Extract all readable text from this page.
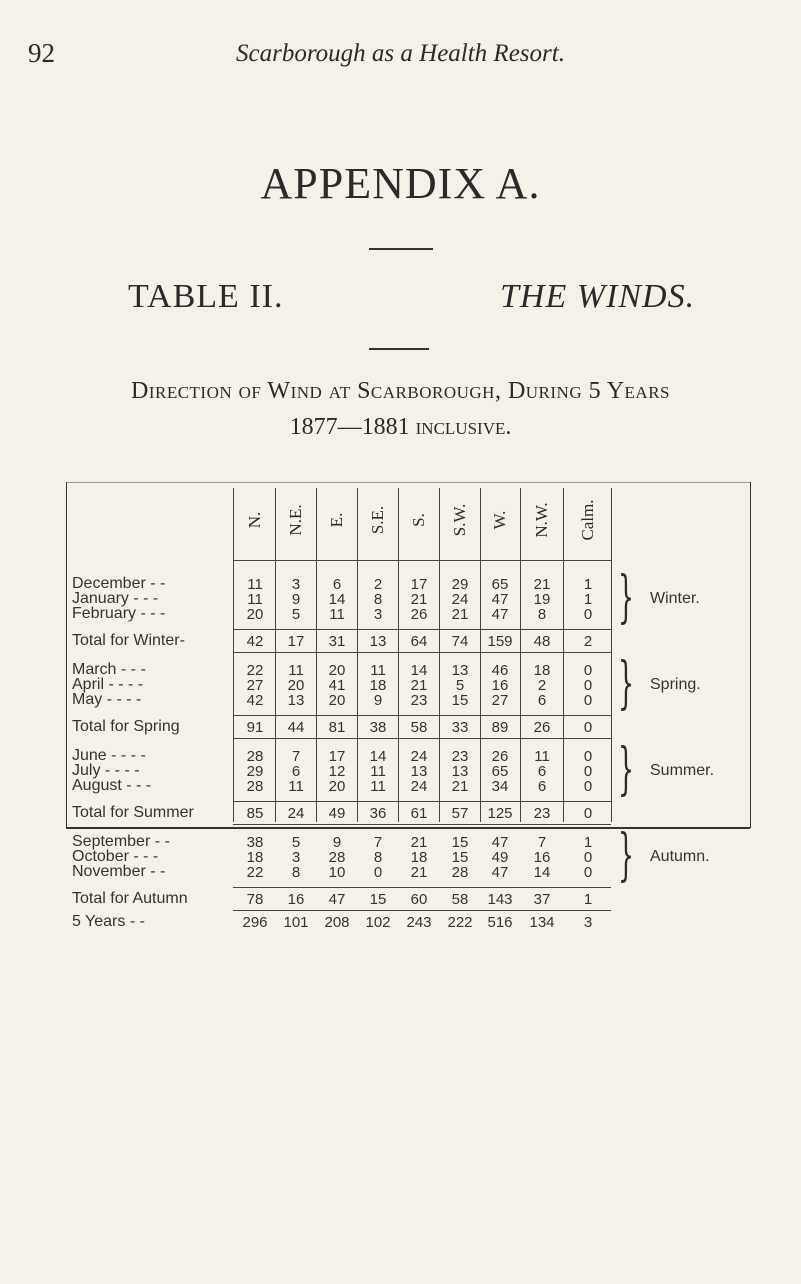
92	Scarborough as a Health Resort.
APPENDIX A.
TABLE II.	THE WINDS.
Direction of Wind at Scarborough, During 5 Years
1877—1881 inclusive.
N. N.E. E. S.E. S. S.W. W. N.W. Calm.
December - -	11 3 6 2 17 29 65 21 1
January - - -	11 9 14 8 21 24 47 19 1
February - - -	20 5 11 3 26 21 47 8	0
Total for Winter-	42 17 31 13 64 74 159 48 2
March - - -	22 11 20 11 14 13 46 18 0
April - - - -	27 20 41 18 21 5 16 2	0
May - - - -	42 13 20 9 23 15 27 6	0
Total for Spring	91 44 81 38 58 33 89 26 0
June - - - -	28 7 17 14 24 23 26 11 0
July - - - -	29 6 12 11 13 13 65 6	0
August - - -	28 11 20 11 24 21 34 6	0
Total for Summer	85 24 49 36 61 57 125 23 0
September - -	38 5 9 7 21 15 47 7	1
October - - -	18 3 28 8 18 15 49 16 0
November - -	22 8 10 0 21 28 47 14 0
Total for Autumn	78 16 47 15 60 58 143 37 1
5 Years - -	296 101 208 102 243 222 516 134 3
} Winter.
} Spring.
} Summer.
} Autumn.
